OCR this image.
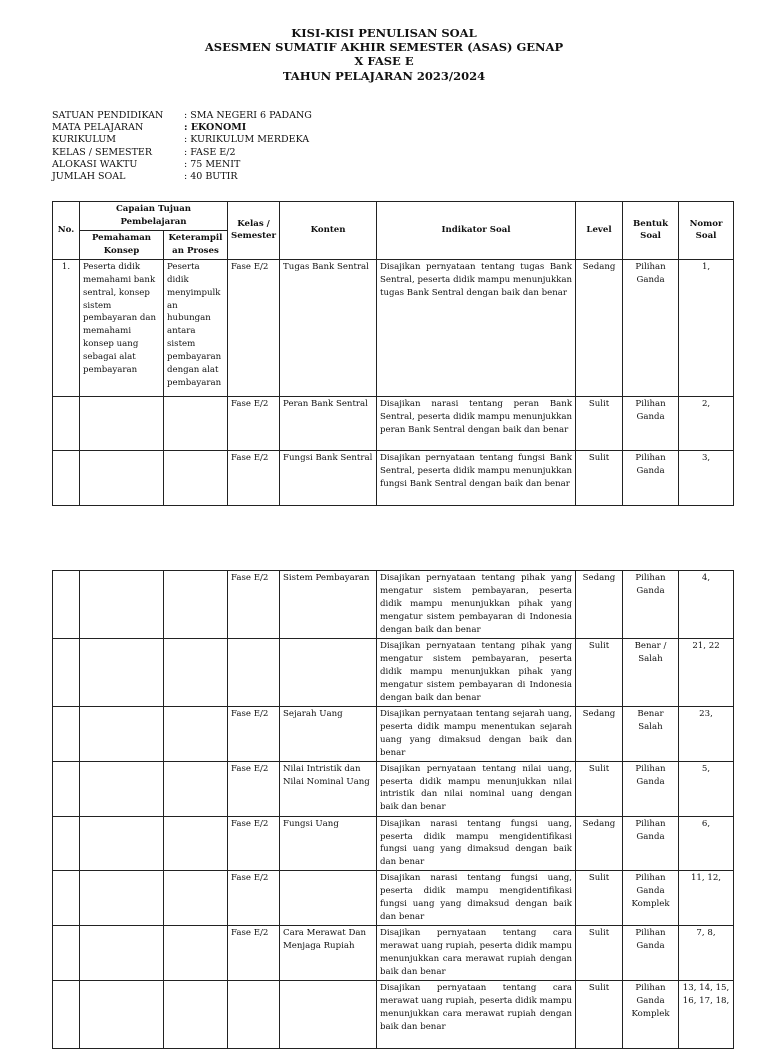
KISI-KISI PENULISAN SOAL
ASESMEN SUMATIF AKHIR SEMESTER (ASAS) GENAP
X FASE E
TAHUN PELAJARAN 2023/2024
SATUAN PENDIDIKAN	: SMA NEGERI 6 PADANG
MATA PELAJARAN	: EKONOMI
KURIKULUM	: KURIKULUM MERDEKA
KELAS / SEMESTER	: FASE E/2
ALOKASI WAKTU	: 75 MENIT
JUMLAH SOAL	: 40 BUTIR
No.	Capaian Tujuan Pembelajaran		Kelas / Semester	Konten	Indikator Soal	Level	Bentuk Soal	Nomor Soal
	Pemahaman Konsep	Keterampil an Proses						
1.	Peserta didik memahami bank sentral, konsep sistem pembayaran dan memahami konsep uang sebagai alat pembayaran	Peserta didik menyimpulk an hubungan antara sistem pembayaran dengan alat pembayaran	Fase E/2	Tugas Bank Sentral	Disajikan pernyataan tentang tugas Bank Sentral, peserta didik mampu menunjukkan tugas Bank Sentral dengan baik dan benar	Sedang	Pilihan Ganda	1,
			Fase E/2	Peran Bank Sentral	Disajikan narasi tentang peran Bank Sentral, peserta didik mampu menunjukkan peran Bank Sentral dengan baik dan benar	Sulit	Pilihan Ganda	2,
			Fase E/2	Fungsi Bank Sentral	Disajikan pernyataan tentang fungsi Bank Sentral, peserta didik mampu menunjukkan fungsi Bank Sentral dengan baik dan benar	Sulit	Pilihan Ganda	3,
			Fase E/2	Sistem Pembayaran	Disajikan pernyataan tentang pihak yang mengatur sistem pembayaran, peserta didik mampu menunjukkan pihak yang mengatur sistem pembayaran di Indonesia dengan baik dan benar	Sedang	Pilihan Ganda	4,
					Disajikan pernyataan tentang pihak yang mengatur sistem pembayaran, peserta didik mampu menunjukkan pihak yang mengatur sistem pembayaran di Indonesia dengan baik dan benar	Sulit	Benar / Salah	21, 22
			Fase E/2	Sejarah Uang	Disajikan pernyataan tentang sejarah uang, peserta didik mampu menentukan sejarah uang yang dimaksud dengan baik dan benar	Sedang	Benar Salah	23,
			Fase E/2	Nilai Intristik dan Nilai Nominal Uang	Disajikan pernyataan tentang nilai uang, peserta didik mampu menunjukkan nilai intristik dan nilai nominal uang dengan baik dan benar	Sulit	Pilihan Ganda	5,
			Fase E/2	Fungsi Uang	Disajikan narasi tentang fungsi uang, peserta didik mampu mengidentifikasi fungsi uang yang dimaksud dengan baik dan benar	Sedang	Pilihan Ganda	6,
			Fase E/2		Disajikan narasi tentang fungsi uang, peserta didik mampu mengidentifikasi fungsi uang yang dimaksud dengan baik dan benar	Sulit	Pilihan Ganda Komplek	11, 12,
			Fase E/2	Cara Merawat Dan Menjaga Rupiah	Disajikan pernyataan tentang cara merawat uang rupiah, peserta didik mampu menunjukkan cara merawat rupiah dengan baik dan benar	Sulit	Pilihan Ganda	7, 8,
					Disajikan pernyataan tentang cara merawat uang rupiah, peserta didik mampu menunjukkan cara merawat rupiah dengan baik dan benar	Sulit	Pilihan Ganda Komplek	13, 14, 15, 16, 17, 18,
